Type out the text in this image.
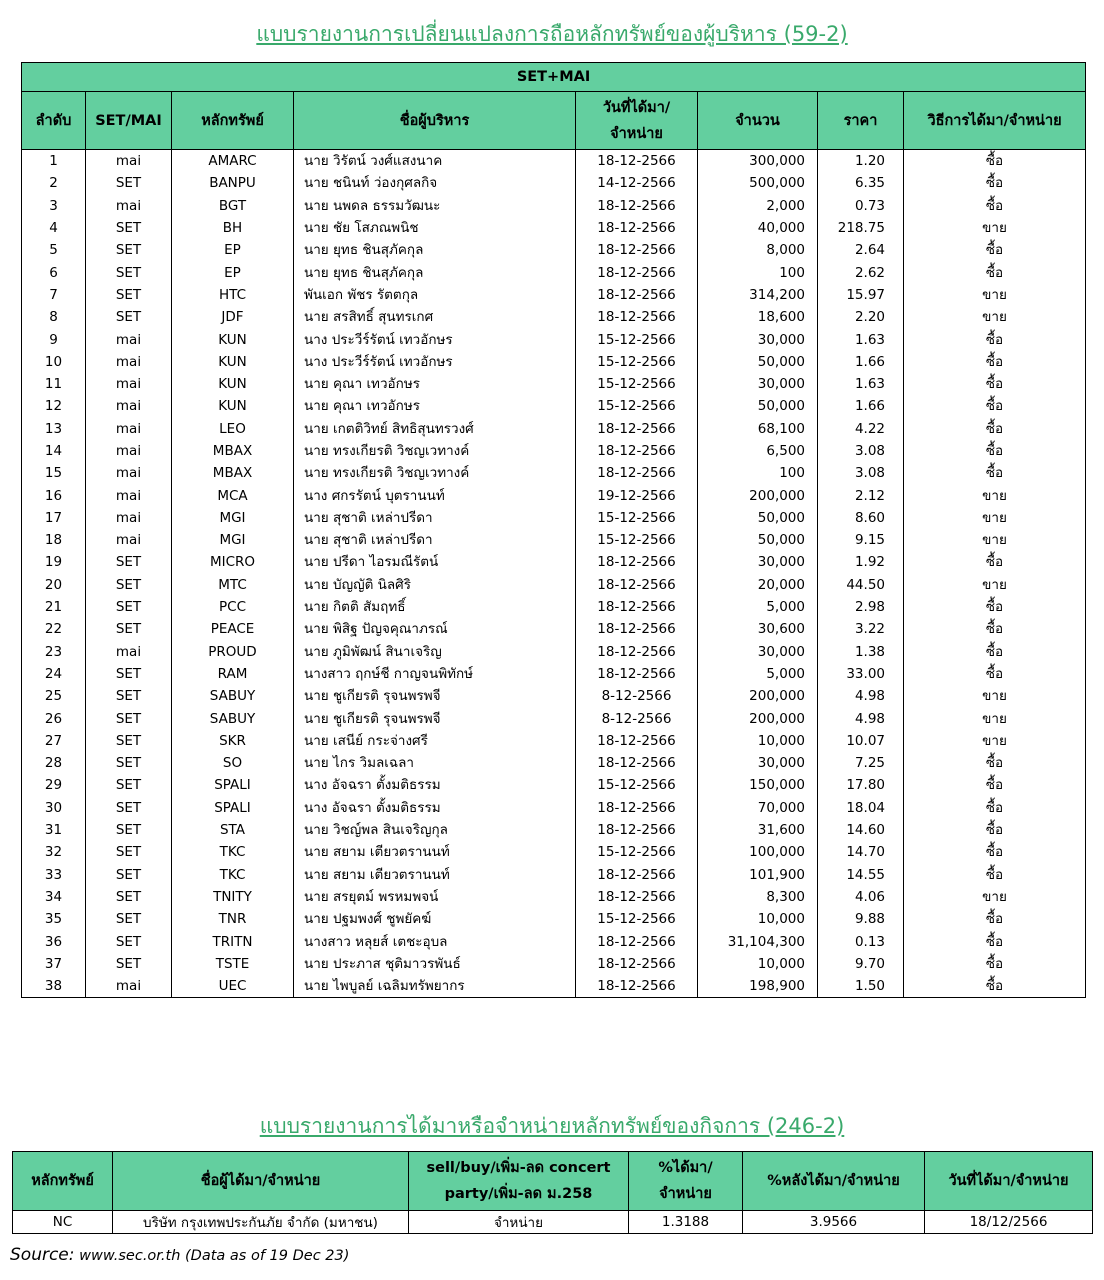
แบบรายงานการเปลี่ยนแปลงการถือหลักทรัพย์ของผู้บริหาร (59-2)
SET+MAI							
ลำดับ	SET/MAI	หลักทรัพย์	ชื่อผู้บริหาร	วันที่ได้มา/จำหน่าย	จำนวน	ราคา	วิธีการได้มา/จำหน่าย
1	mai	AMARC	นาย วิรัตน์ วงศ์แสงนาค	18-12-2566	300,000	1.20	ซื้อ
2	SET	BANPU	นาย ชนินท์ ว่องกุศลกิจ	14-12-2566	500,000	6.35	ซื้อ
3	mai	BGT	นาย นพดล ธรรมวัฒนะ	18-12-2566	2,000	0.73	ซื้อ
4	SET	BH	นาย ชัย โสภณพนิช	18-12-2566	40,000	218.75	ขาย
5	SET	EP	นาย ยุทธ ชินสุภัคกุล	18-12-2566	8,000	2.64	ซื้อ
6	SET	EP	นาย ยุทธ ชินสุภัคกุล	18-12-2566	100	2.62	ซื้อ
7	SET	HTC	พันเอก พัชร รัตตกุล	18-12-2566	314,200	15.97	ขาย
8	SET	JDF	นาย สรสิทธิ์ สุนทรเกศ	18-12-2566	18,600	2.20	ขาย
9	mai	KUN	นาง ประวีร์รัตน์ เทวอักษร	15-12-2566	30,000	1.63	ซื้อ
10	mai	KUN	นาง ประวีร์รัตน์ เทวอักษร	15-12-2566	50,000	1.66	ซื้อ
11	mai	KUN	นาย คุณา เทวอักษร	15-12-2566	30,000	1.63	ซื้อ
12	mai	KUN	นาย คุณา เทวอักษร	15-12-2566	50,000	1.66	ซื้อ
13	mai	LEO	นาย เกตติวิทย์ สิทธิสุนทรวงศ์	18-12-2566	68,100	4.22	ซื้อ
14	mai	MBAX	นาย ทรงเกียรติ วิชญเวทางค์	18-12-2566	6,500	3.08	ซื้อ
15	mai	MBAX	นาย ทรงเกียรติ วิชญเวทางค์	18-12-2566	100	3.08	ซื้อ
16	mai	MCA	นาง ศกรรัตน์ บุตรานนท์	19-12-2566	200,000	2.12	ขาย
17	mai	MGI	นาย สุชาติ เหล่าปรีดา	15-12-2566	50,000	8.60	ขาย
18	mai	MGI	นาย สุชาติ เหล่าปรีดา	15-12-2566	50,000	9.15	ขาย
19	SET	MICRO	นาย ปรีดา ไอรมณีรัตน์	18-12-2566	30,000	1.92	ซื้อ
20	SET	MTC	นาย บัญญัติ นิลศิริ	18-12-2566	20,000	44.50	ขาย
21	SET	PCC	นาย กิตติ สัมฤทธิ์	18-12-2566	5,000	2.98	ซื้อ
22	SET	PEACE	นาย พิสิฐ ปัญจคุณาภรณ์	18-12-2566	30,600	3.22	ซื้อ
23	mai	PROUD	นาย ภูมิพัฒน์ สินาเจริญ	18-12-2566	30,000	1.38	ซื้อ
24	SET	RAM	นางสาว ฤกษ์ชี กาญจนพิทักษ์	18-12-2566	5,000	33.00	ซื้อ
25	SET	SABUY	นาย ชูเกียรติ รุจนพรพจี	8-12-2566	200,000	4.98	ขาย
26	SET	SABUY	นาย ชูเกียรติ รุจนพรพจี	8-12-2566	200,000	4.98	ขาย
27	SET	SKR	นาย เสนีย์ กระจ่างศรี	18-12-2566	10,000	10.07	ขาย
28	SET	SO	นาย ไกร วิมลเฉลา	18-12-2566	30,000	7.25	ซื้อ
29	SET	SPALI	นาง อัจฉรา ตั้งมติธรรม	15-12-2566	150,000	17.80	ซื้อ
30	SET	SPALI	นาง อัจฉรา ตั้งมติธรรม	18-12-2566	70,000	18.04	ซื้อ
31	SET	STA	นาย วิชญ์พล สินเจริญกุล	18-12-2566	31,600	14.60	ซื้อ
32	SET	TKC	นาย สยาม เตียวตรานนท์	15-12-2566	100,000	14.70	ซื้อ
33	SET	TKC	นาย สยาม เตียวตรานนท์	18-12-2566	101,900	14.55	ซื้อ
34	SET	TNITY	นาย สรยุตม์ พรหมพจน์	18-12-2566	8,300	4.06	ขาย
35	SET	TNR	นาย ปฐมพงศ์ ชูพยัคฆ์	15-12-2566	10,000	9.88	ซื้อ
36	SET	TRITN	นางสาว หลุยส์ เตชะอุบล	18-12-2566	31,104,300	0.13	ซื้อ
37	SET	TSTE	นาย ประภาส ชุติมาวรพันธ์	18-12-2566	10,000	9.70	ซื้อ
38	mai	UEC	นาย ไพบูลย์ เฉลิมทรัพยากร	18-12-2566	198,900	1.50	ซื้อ
แบบรายงานการได้มาหรือจำหน่ายหลักทรัพย์ของกิจการ (246-2)
หลักทรัพย์	ชื่อผู้ได้มา/จำหน่าย	sell/buy/เพิ่ม-ลด concert party/เพิ่ม-ลด ม.258	%ได้มา/จำหน่าย	%หลังได้มา/จำหน่าย	วันที่ได้มา/จำหน่าย
NC	บริษัท กรุงเทพประกันภัย จำกัด (มหาชน)	จำหน่าย	1.3188	3.9566	18/12/2566
Source: www.sec.or.th (Data as of 19 Dec 23)
